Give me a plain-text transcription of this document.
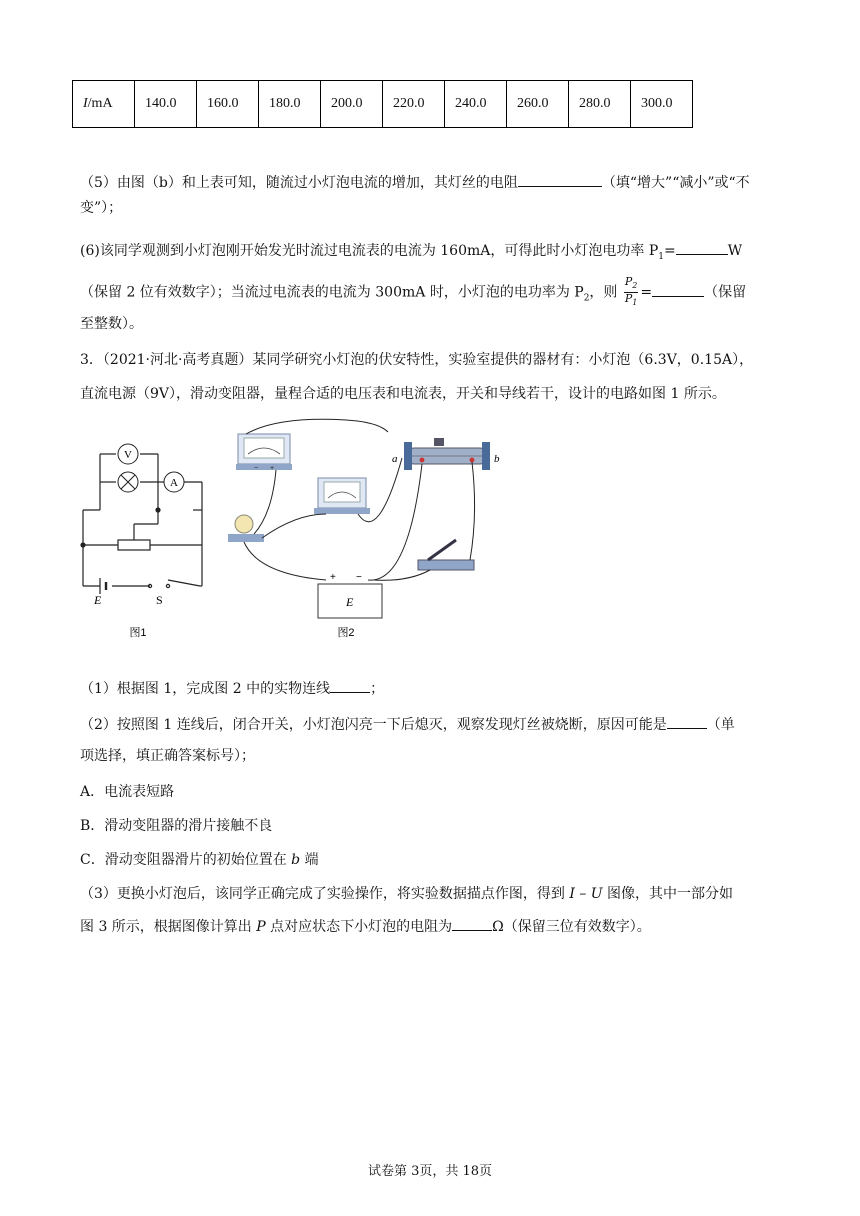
I/mA	140.0	160.0	180.0	200.0	220.0	240.0	260.0	280.0	300.0

（5）由图（b）和上表可知，随流过小灯泡电流的增加，其灯丝的电阻	（填“增大”“减小”或“不

变”）；

(6)该同学观测到小灯泡刚开始发光时流过电流表的电流为 160mA，可得此时小灯泡电功率 $P_1=$	W

（保留 2 位有效数字）；当流过电流表的电流为 300mA 时，小灯泡的电功率为 $P_2$，则 $\frac{P_2}{P_1}$ =	（保留

至整数）。

3．（2021·河北·高考真题）某同学研究小灯泡的伏安特性，实验室提供的器材有：小灯泡（6.3V，0.15A），

直流电源（9V），滑动变阻器，量程合适的电压表和电流表，开关和导线若干，设计的电路如图 1 所示。

V
A
E	S
图1
− +
a	b
E
+ −
图2

（1）根据图 1，完成图 2 中的实物连线	；

（2）按照图 1 连线后，闭合开关，小灯泡闪亮一下后熄灭，观察发现灯丝被烧断，原因可能是	（单

项选择，填正确答案标号）；

A．电流表短路

B．滑动变阻器的滑片接触不良

C．滑动变阻器滑片的初始位置在 b 端

（3）更换小灯泡后，该同学正确完成了实验操作，将实验数据描点作图，得到 I – U 图像，其中一部分如

图 3 所示，根据图像计算出 P 点对应状态下小灯泡的电阻为	Ω（保留三位有效数字）。

试卷第 3页，共 18页
